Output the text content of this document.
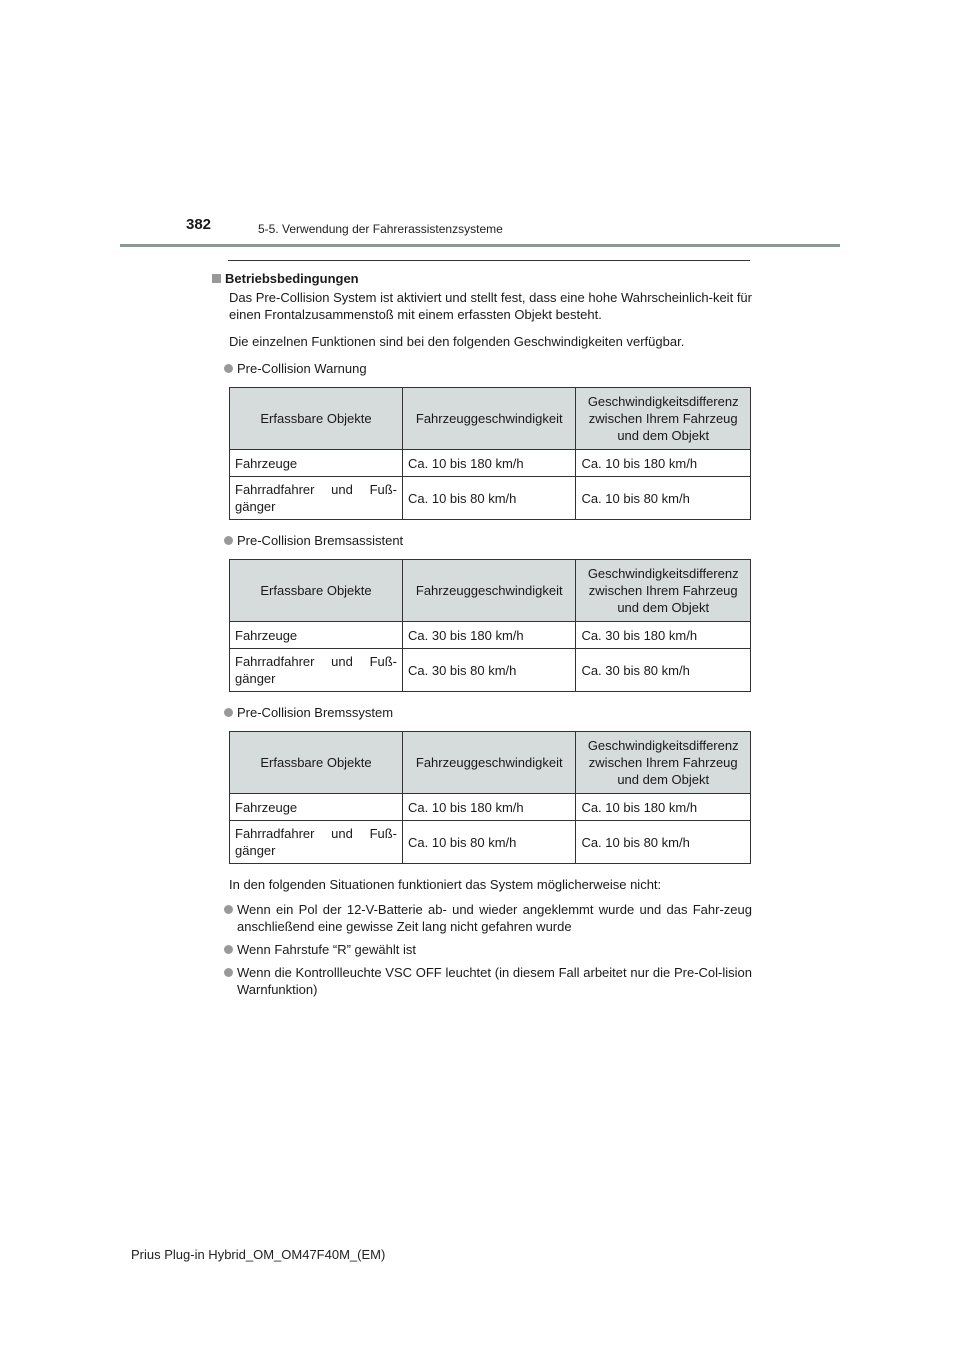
382	5-5. Verwendung der Fahrerassistenzsysteme
Betriebsbedingungen

Das Pre-Collision System ist aktiviert und stellt fest, dass eine hohe Wahrscheinlich-keit für einen Frontalzusammenstoß mit einem erfassten Objekt besteht.

Die einzelnen Funktionen sind bei den folgenden Geschwindigkeiten verfügbar.

Pre-Collision Warnung
Erfassbare Objekte	Fahrzeuggeschwindigkeit	Geschwindigkeitsdifferenz zwischen Ihrem Fahrzeug und dem Objekt
Fahrzeuge	Ca. 10 bis 180 km/h	Ca. 10 bis 180 km/h
Fahrradfahrer und Fuß-gänger	Ca. 10 bis 80 km/h	Ca. 10 bis 80 km/h
Pre-Collision Bremsassistent
Erfassbare Objekte	Fahrzeuggeschwindigkeit	Geschwindigkeitsdifferenz zwischen Ihrem Fahrzeug und dem Objekt
Fahrzeuge	Ca. 30 bis 180 km/h	Ca. 30 bis 180 km/h
Fahrradfahrer und Fuß-gänger	Ca. 30 bis 80 km/h	Ca. 30 bis 80 km/h
Pre-Collision Bremssystem
Erfassbare Objekte	Fahrzeuggeschwindigkeit	Geschwindigkeitsdifferenz zwischen Ihrem Fahrzeug und dem Objekt
Fahrzeuge	Ca. 10 bis 180 km/h	Ca. 10 bis 180 km/h
Fahrradfahrer und Fuß-gänger	Ca. 10 bis 80 km/h	Ca. 10 bis 80 km/h

In den folgenden Situationen funktioniert das System möglicherweise nicht:

Wenn ein Pol der 12-V-Batterie ab- und wieder angeklemmt wurde und das Fahr-zeug anschließend eine gewisse Zeit lang nicht gefahren wurde
Wenn Fahrstufe “R” gewählt ist
Wenn die Kontrollleuchte VSC OFF leuchtet (in diesem Fall arbeitet nur die Pre-Col-lision Warnfunktion)
Prius Plug-in Hybrid_OM_OM47F40M_(EM)
